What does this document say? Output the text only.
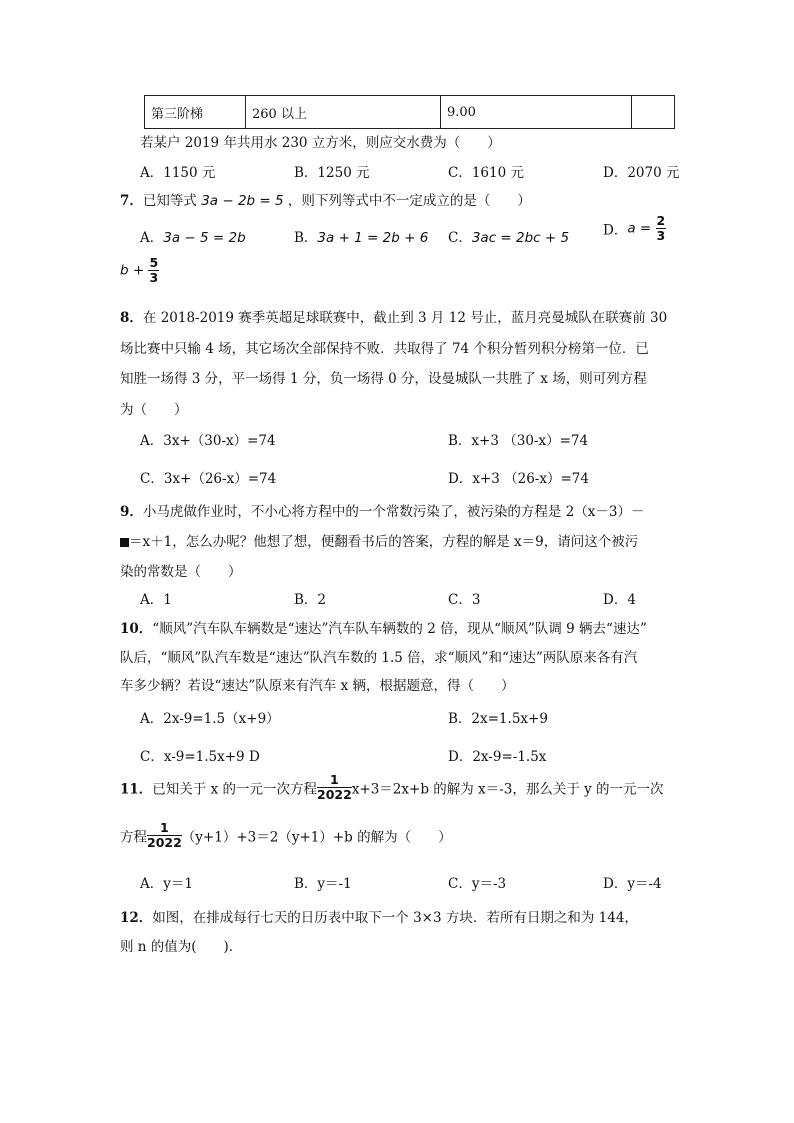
第三阶梯	260 以上	9.00	
若某户 2019 年共用水 230 立方米，则应交水费为（　　）
A．1150 元	B．1250 元	C．1610 元	D．2070 元
7．已知等式 3a − 2b = 5 ，则下列等式中不一定成立的是（　　）
A．3a − 5 = 2b	B．3a + 1 = 2b + 6 C．3ac = 2bc + 5	D．$a = \frac{2}{3}$
$b + \frac{5}{3}$
8．在 2018-2019 赛季英超足球联赛中，截止到 3 月 12 号止，蓝月亮曼城队在联赛前 30
场比赛中只输 4 场，其它场次全部保持不败．共取得了 74 个积分暂列积分榜第一位．已
知胜一场得 3 分，平一场得 1 分，负一场得 0 分，设曼城队一共胜了 x 场，则可列方程
为（　　）
A．3x+（30-x）=74	B．x+3 （30-x）=74
C．3x+（26-x）=74	D．x+3 （26-x）=74
9．小马虎做作业时，不小心将方程中的一个常数污染了，被污染的方程是 2（x－3）－
＝x＋1，怎么办呢？他想了想，便翻看书后的答案，方程的解是 x＝9，请问这个被污
染的常数是（　　）
A．1	B．2	C．3	D．4
10．“顺风”汽车队车辆数是“速达”汽车队车辆数的 2 倍，现从“顺风”队调 9 辆去“速达”
队后，“顺风”队汽车数是“速达”队汽车数的 1.5 倍，求“顺风”和“速达”两队原来各有汽
车多少辆？若设“速达”队原来有汽车 x 辆，根据题意，得（　　）
A．2x-9=1.5（x+9）	B．2x=1.5x+9
C．x-9=1.5x+9 D	D．2x-9=-1.5x
11．已知关于 x 的一元一次方程 $\frac{1}{2022} x+3=2x+b$ 的解为 x＝-3，那么关于 y 的一元一次
方程 $\frac{1}{2022} (y+1)+3=2(y+1)+b$ 的解为（　　）
A．y＝1	B．y＝-1	C．y＝-3	D．y＝-4
12．如图，在排成每行七天的日历表中取下一个 3×3 方块．若所有日期之和为 144，
则 n 的值为(　　)．
